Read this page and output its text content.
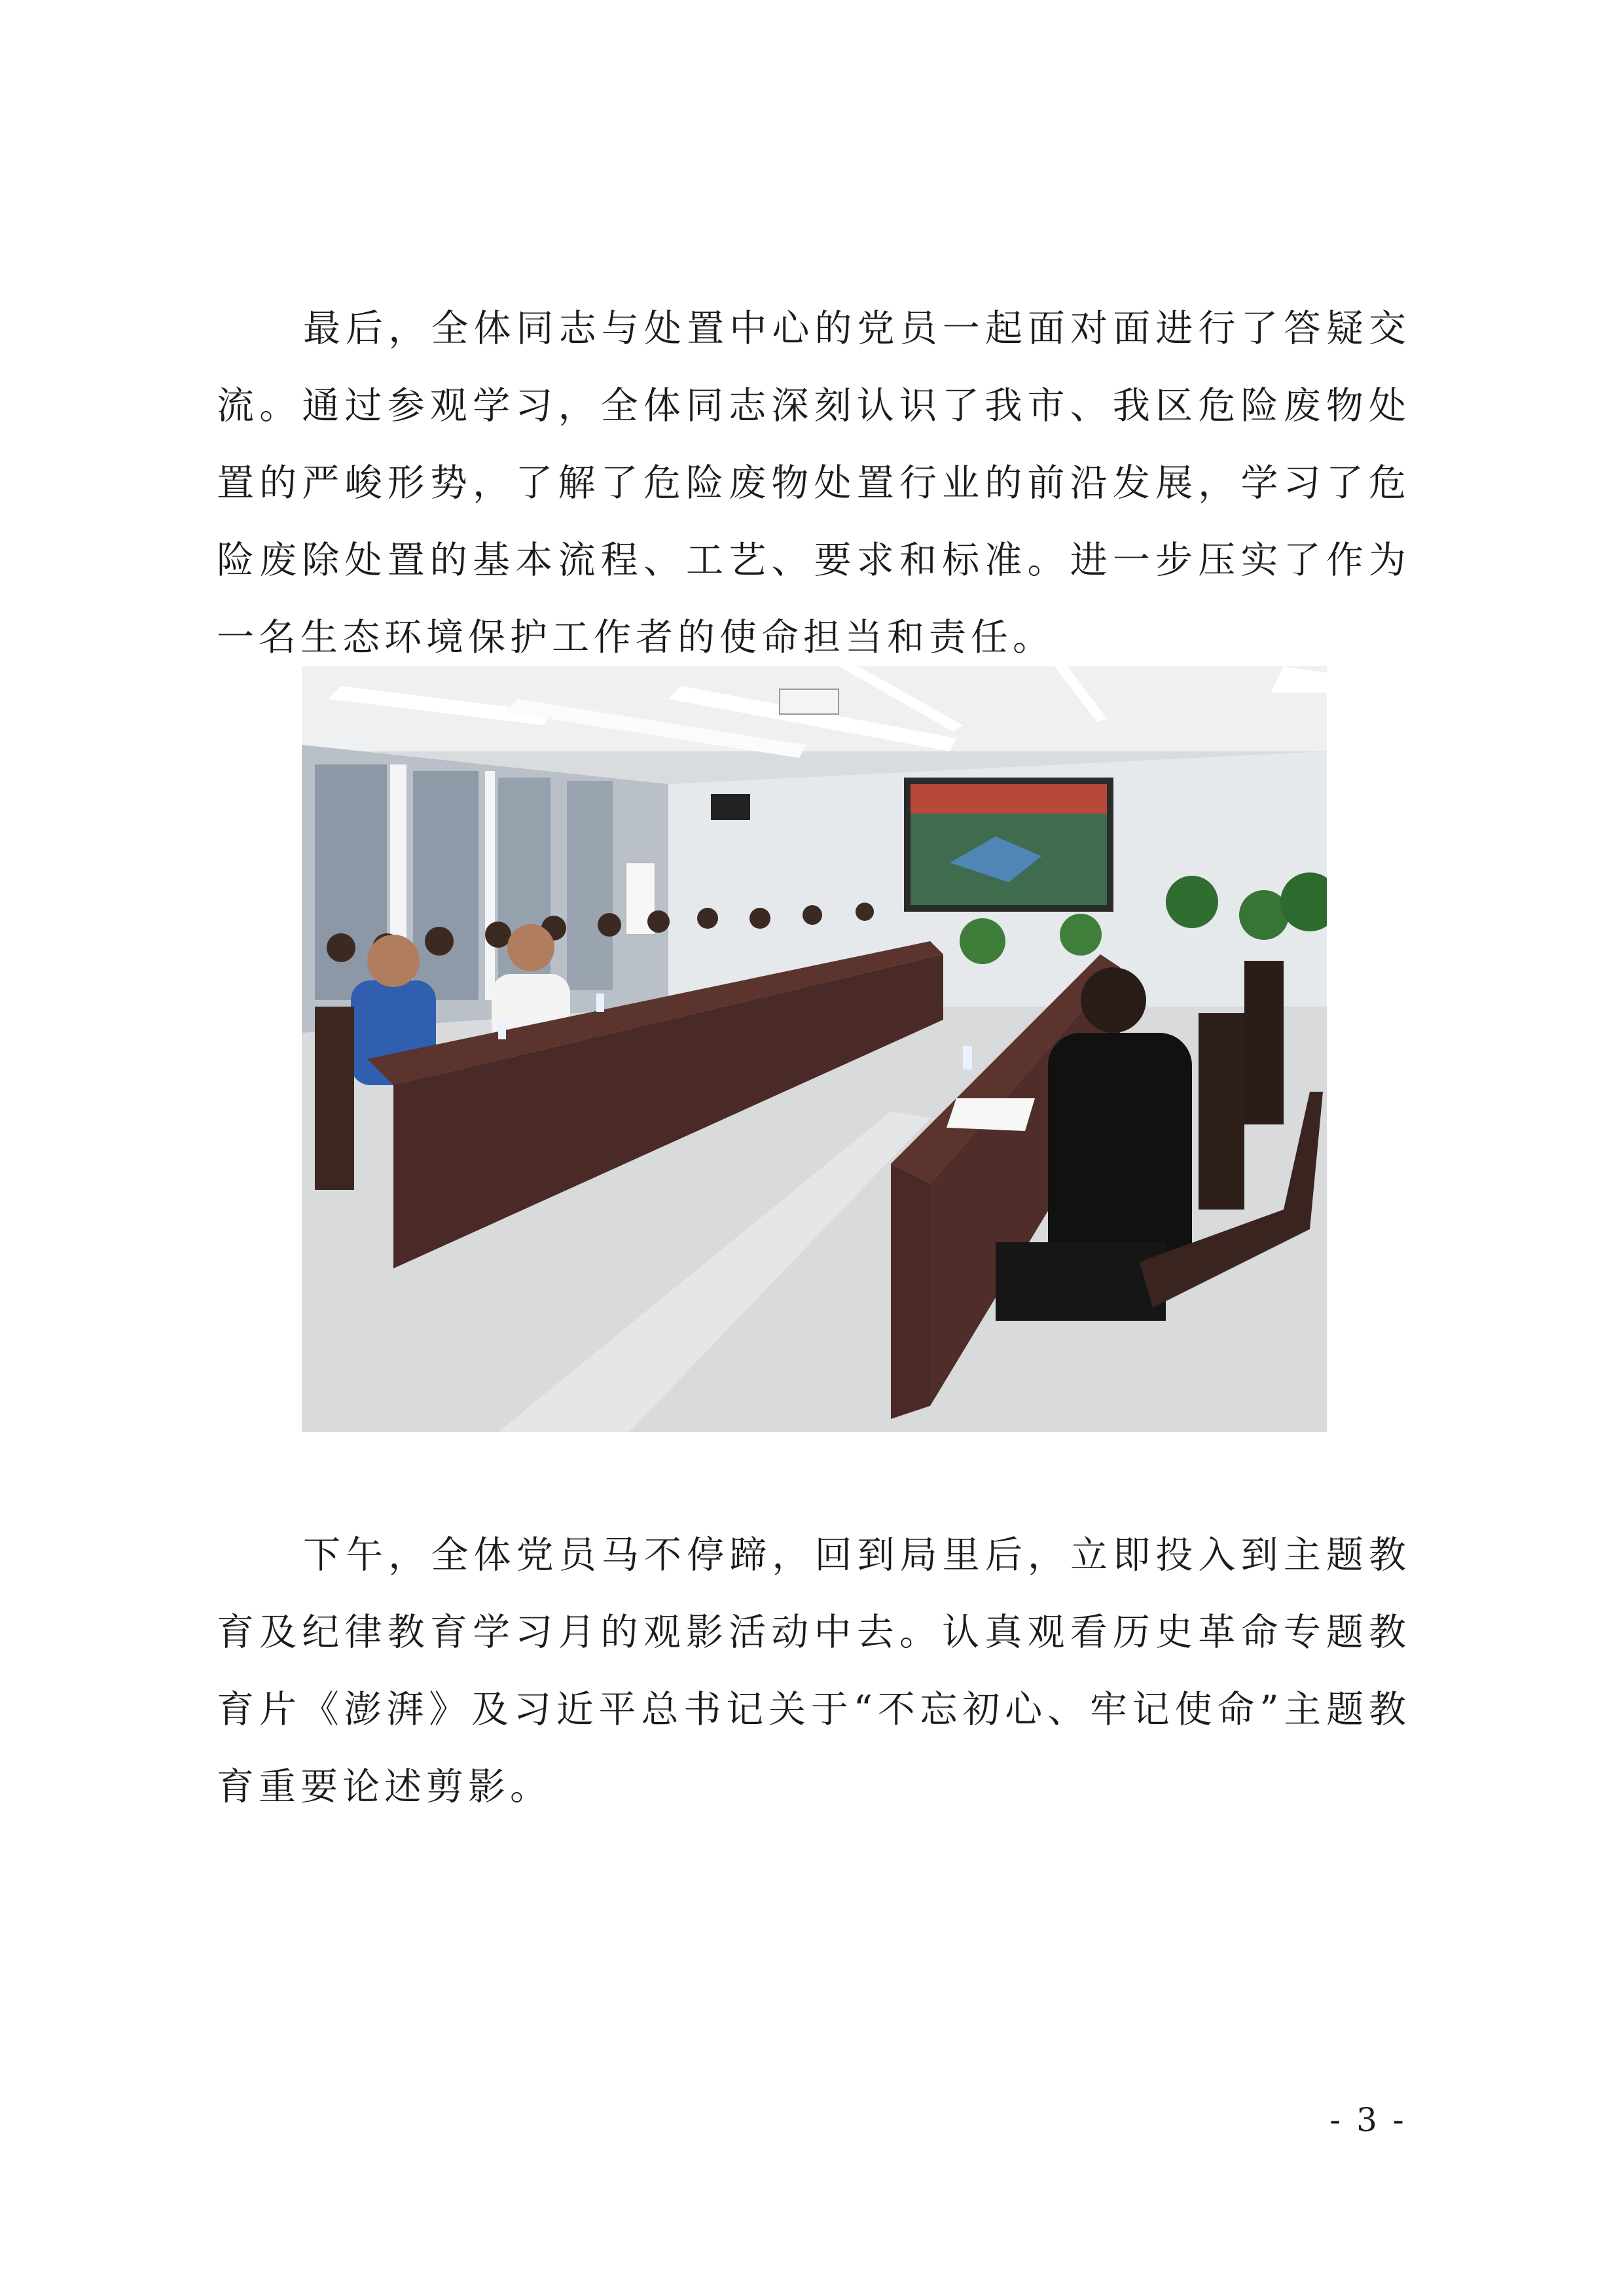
最后，全体同志与处置中心的党员一起面对面进行了答疑交流。通过参观学习，全体同志深刻认识了我市、我区危险废物处置的严峻形势，了解了危险废物处置行业的前沿发展，学习了危险废除处置的基本流程、工艺、要求和标准。进一步压实了作为一名生态环境保护工作者的使命担当和责任。

下午，全体党员马不停蹄，回到局里后，立即投入到主题教育及纪律教育学习月的观影活动中去。认真观看历史革命专题教育片《澎湃》及习近平总书记关于“不忘初心、牢记使命”主题教育重要论述剪影。

- 3 -
